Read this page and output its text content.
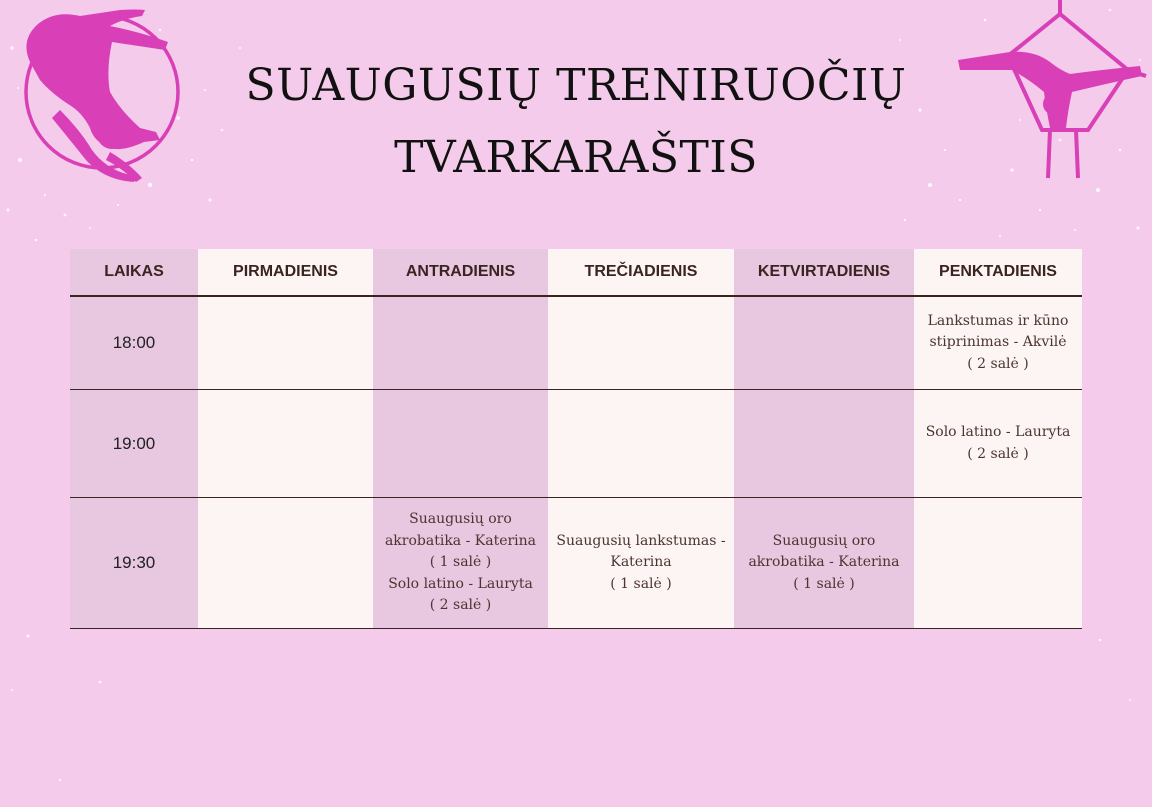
SUAUGUSIŲ TRENIRUOČIŲ
TVARKARAŠTIS
LAIKAS	PIRMADIENIS	ANTRADIENIS	TREČIADIENIS	KETVIRTADIENIS	PENKTADIENIS
18:00					Lankstumas ir kūno stiprinimas - Akvilė
( 2 salė )

19:00					Solo latino - Lauryta
( 2 salė )

19:30		Suaugusių oro akrobatika - Katerina
( 1 salė )
Solo latino - Lauryta
( 2 salė )	Suaugusių lankstumas - Katerina
( 1 salė )	Suaugusių oro akrobatika - Katerina
( 1 salė )	
